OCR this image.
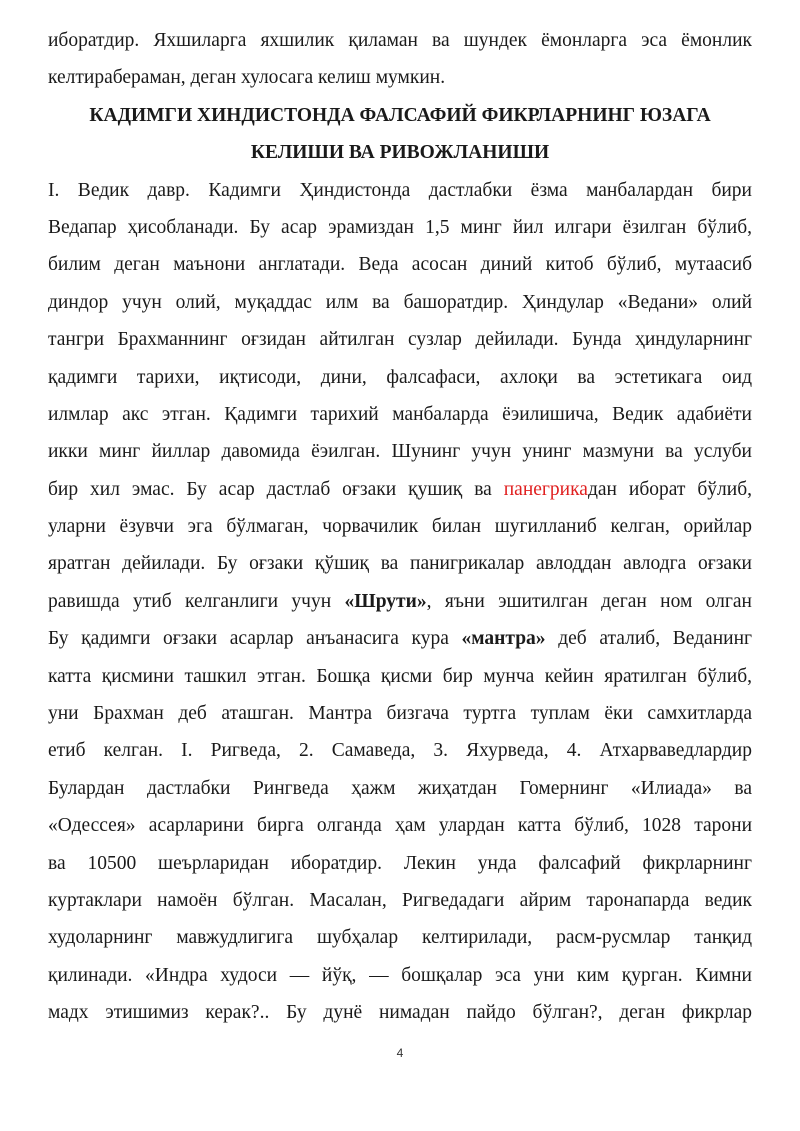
иборатдир. Яхшиларга яхшилик қиламан ва шундек ёмонларга эса ёмонлик
келтирабераман, деган хулосага келиш мумкин.
КАДИМГИ ХИНДИСТОНДА ФАЛСАФИЙ ФИКРЛАРНИНГ ЮЗАГА
КЕЛИШИ ВА РИВОЖЛАНИШИ
I. Ведик давр. Кадимги Ҳиндистонда дастлабки ёзма манбалардан бири
Ведапар ҳисобланади. Бу асар эрамиздан 1,5 минг йил илгари ёзилган бўлиб,
билим деган маънони англатади. Веда асосан диний китоб бўлиб, мутаасиб
диндор учун олий, муқаддас илм ва башоратдир. Ҳиндулар «Ведани» олий
тангри Брахманнинг оғзидан айтилган сузлар дейилади. Бунда ҳиндуларнинг
қадимги тарихи, иқтисоди, дини, фалсафаси, ахлоқи ва эстетикага оид
илмлар акс этган. Қадимги тарихий манбаларда ёэилишича, Ведик адабиёти
икки минг йиллар давомида ёэилган. Шунинг учун унинг мазмуни ва услуби
бир хил эмас. Бу асар дастлаб оғзаки қушиқ ва панегрикадан иборат бўлиб,
уларни ёзувчи эга бўлмаган, чорвачилик билан шугилланиб келган, орийлар
яратган дейилади. Бу оғзаки қўшиқ ва панигрикалар авлоддан авлодга оғзаки
равишда утиб келганлиги учун «Шрути», яъни эшитилган деган ном олган
Бу қадимги оғзаки асарлар анъанасига кура «мантра» деб аталиб, Веданинг
катта қисмини ташкил этган. Бошқа қисми бир мунча кейин яратилган бўлиб,
уни Брахман деб аташган. Мантра бизгача туртга туплам ёки самхитларда
етиб келган. I. Ригведа, 2. Самаведа, 3. Яхурведа, 4. Атхарваведлардир
Булардан дастлабки Рингведа ҳажм жиҳатдан Гомернинг «Илиада» ва
«Одессея» асарларини бирга олганда ҳам улардан катта бўлиб, 1028 тарони
ва 10500 шеърларидан иборатдир. Лекин унда фалсафий фикрларнинг
куртаклари намоён бўлган. Масалан, Ригведадаги айрим таронапарда ведик
худоларнинг мавжудлигига шубҳалар келтирилади, расм-русмлар танқид
қилинади. «Индра худоси — йўқ, — бошқалар эса уни ким қурган. Кимни
мадх этишимиз керак?.. Бу дунё нимадан пайдо бўлган?, деган фикрлар
4
